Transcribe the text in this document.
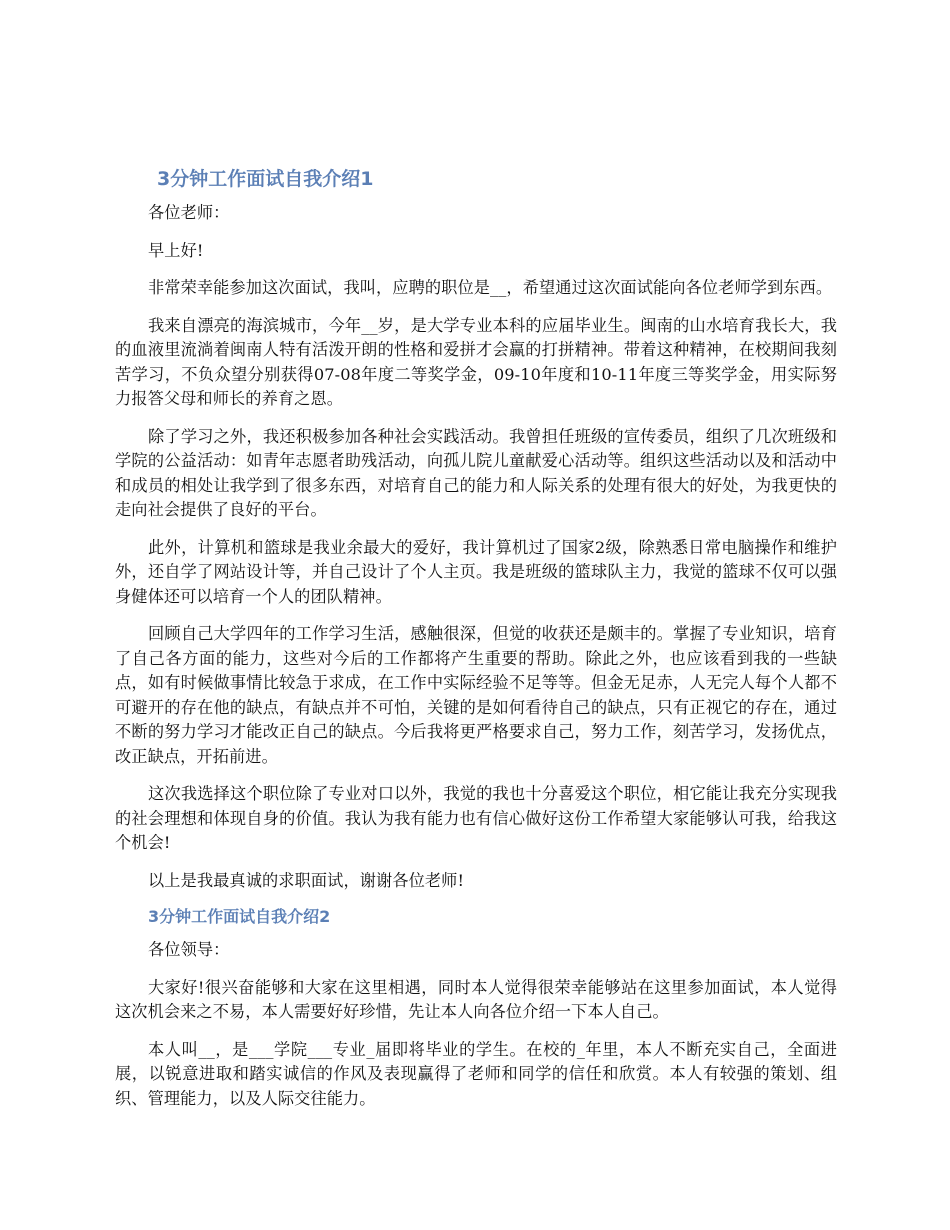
3分钟工作面试自我介绍1

各位老师：

早上好!

非常荣幸能参加这次面试，我叫，应聘的职位是__，希望通过这次面试能向各位老师学到东西。

我来自漂亮的海滨城市，今年__岁，是大学专业本科的应届毕业生。闽南的山水培育我长大，我的血液里流淌着闽南人特有活泼开朗的性格和爱拼才会赢的打拼精神。带着这种精神，在校期间我刻苦学习，不负众望分别获得07-08年度二等奖学金，09-10年度和10-11年度三等奖学金，用实际努力报答父母和师长的养育之恩。

除了学习之外，我还积极参加各种社会实践活动。我曾担任班级的宣传委员，组织了几次班级和学院的公益活动：如青年志愿者助残活动，向孤儿院儿童献爱心活动等。组织这些活动以及和活动中和成员的相处让我学到了很多东西，对培育自己的能力和人际关系的处理有很大的好处，为我更快的走向社会提供了良好的平台。

此外，计算机和篮球是我业余最大的爱好，我计算机过了国家2级，除熟悉日常电脑操作和维护外，还自学了网站设计等，并自己设计了个人主页。我是班级的篮球队主力，我觉的篮球不仅可以强身健体还可以培育一个人的团队精神。

回顾自己大学四年的工作学习生活，感触很深，但觉的收获还是颇丰的。掌握了专业知识，培育了自己各方面的能力，这些对今后的工作都将产生重要的帮助。除此之外，也应该看到我的一些缺点，如有时候做事情比较急于求成，在工作中实际经验不足等等。但金无足赤，人无完人每个人都不可避开的存在他的缺点，有缺点并不可怕，关键的是如何看待自己的缺点，只有正视它的存在，通过不断的努力学习才能改正自己的缺点。今后我将更严格要求自己，努力工作，刻苦学习，发扬优点，改正缺点，开拓前进。

这次我选择这个职位除了专业对口以外，我觉的我也十分喜爱这个职位，相它能让我充分实现我的社会理想和体现自身的价值。我认为我有能力也有信心做好这份工作希望大家能够认可我，给我这个机会!

以上是我最真诚的求职面试，谢谢各位老师!

3分钟工作面试自我介绍2

各位领导：

大家好!很兴奋能够和大家在这里相遇，同时本人觉得很荣幸能够站在这里参加面试，本人觉得这次机会来之不易，本人需要好好珍惜，先让本人向各位介绍一下本人自己。

本人叫__，是___学院___专业_届即将毕业的学生。在校的_年里，本人不断充实自己，全面进展，以锐意进取和踏实诚信的作风及表现赢得了老师和同学的信任和欣赏。本人有较强的策划、组织、管理能力，以及人际交往能力。
